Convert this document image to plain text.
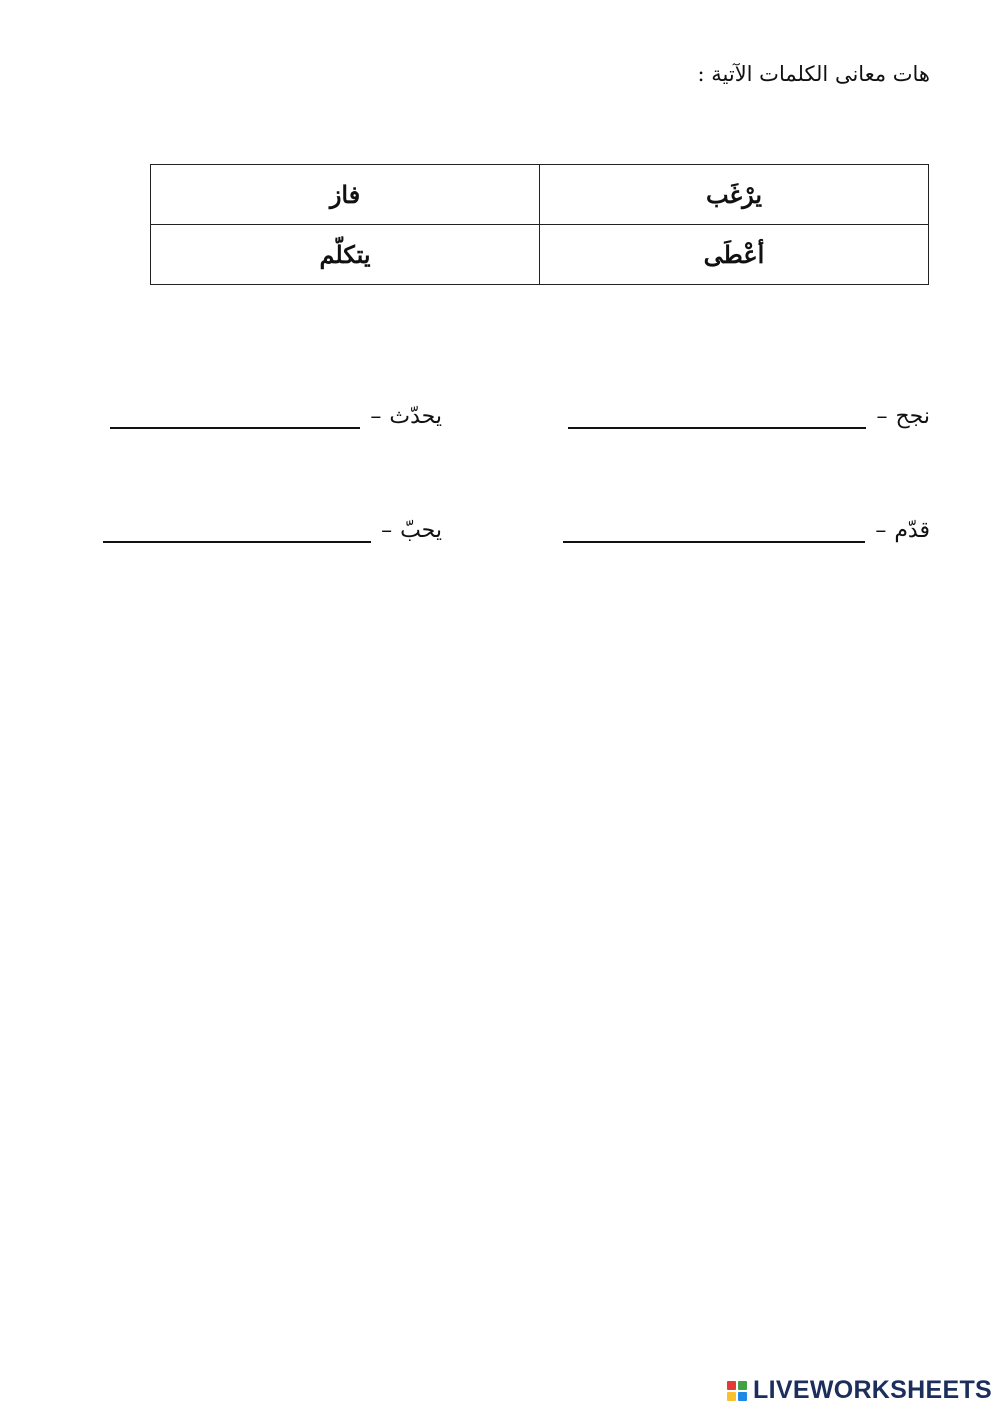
هات معانى الكلمات الآتية :
يرْغَب	فاز
أعْطَى	يتكلّم
نجح
–
يحدّث
–
قدّم
–
يحبّ
–
LIVEWORKSHEETS
